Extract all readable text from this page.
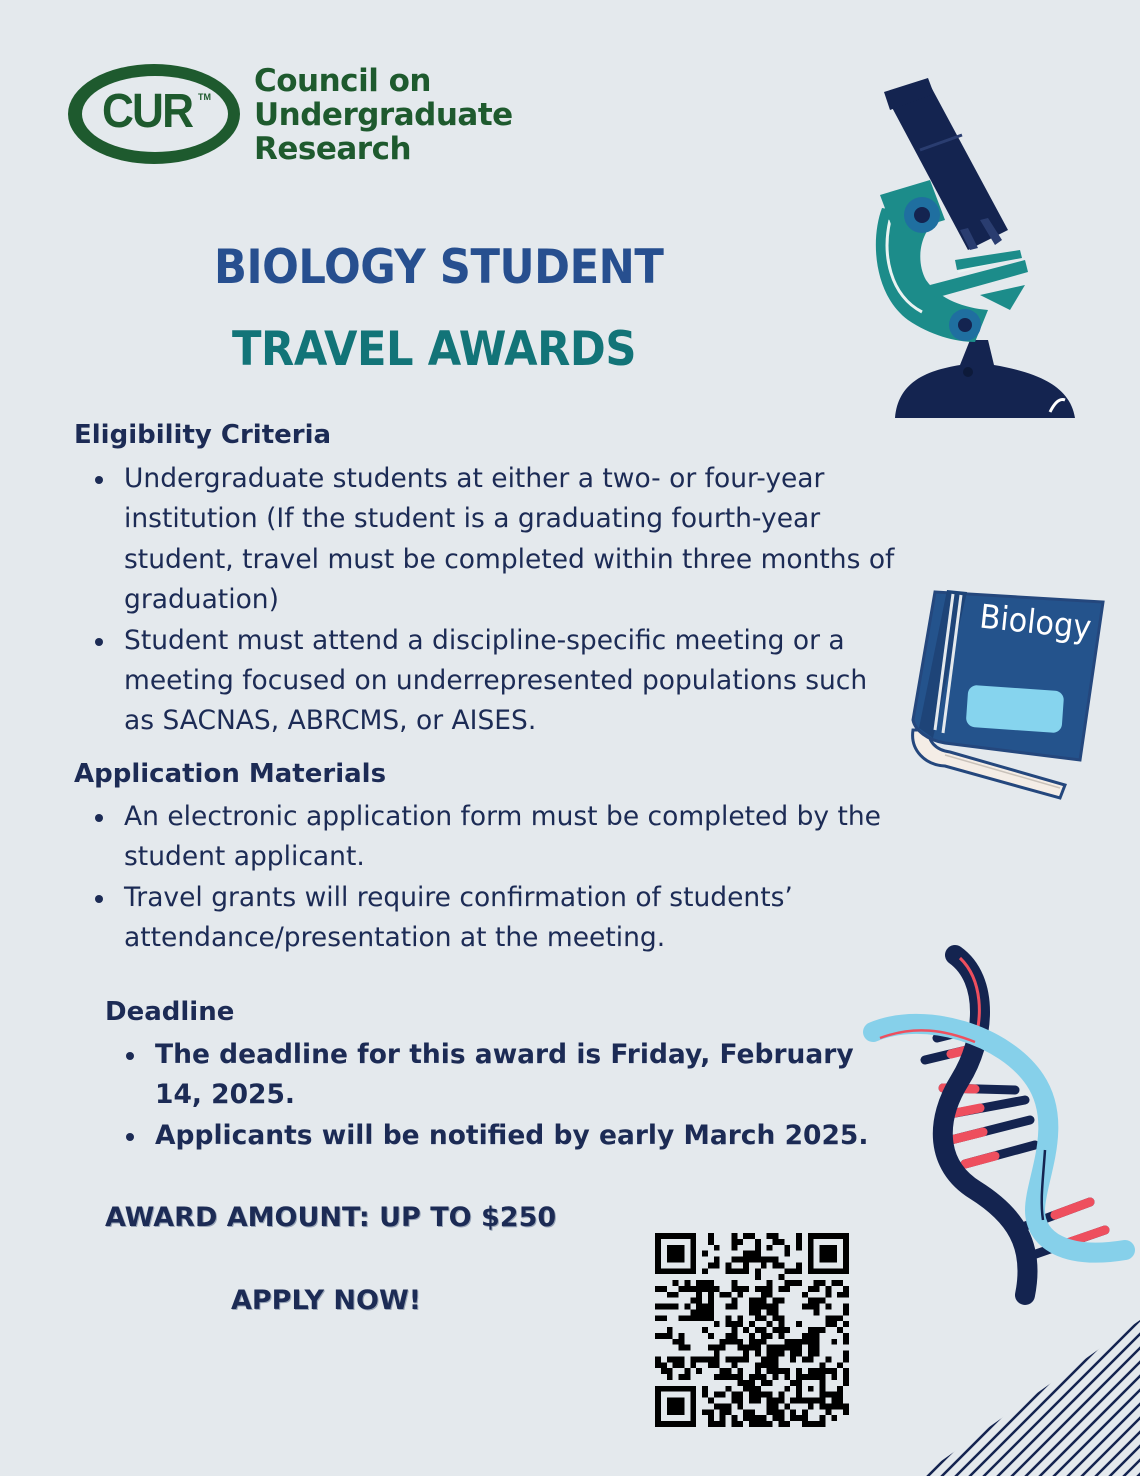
CUR TM Council on
Undergraduate
Research
BIOLOGY STUDENT
TRAVEL AWARDS
Biology
Eligibility Criteria
Undergraduate students at either a two- or four-year institution (If the student is a graduating fourth-year student, travel must be completed within three months of graduation)
Student must attend a discipline-specific meeting or a meeting focused on underrepresented populations such as SACNAS, ABRCMS, or AISES.
Application Materials
An electronic application form must be completed by the student applicant.
Travel grants will require confirmation of students’ attendance/presentation at the meeting.
Deadline
The deadline for this award is Friday, February 14, 2025.
Applicants will be notified by early March 2025.
AWARD AMOUNT: UP TO $250
APPLY NOW!
